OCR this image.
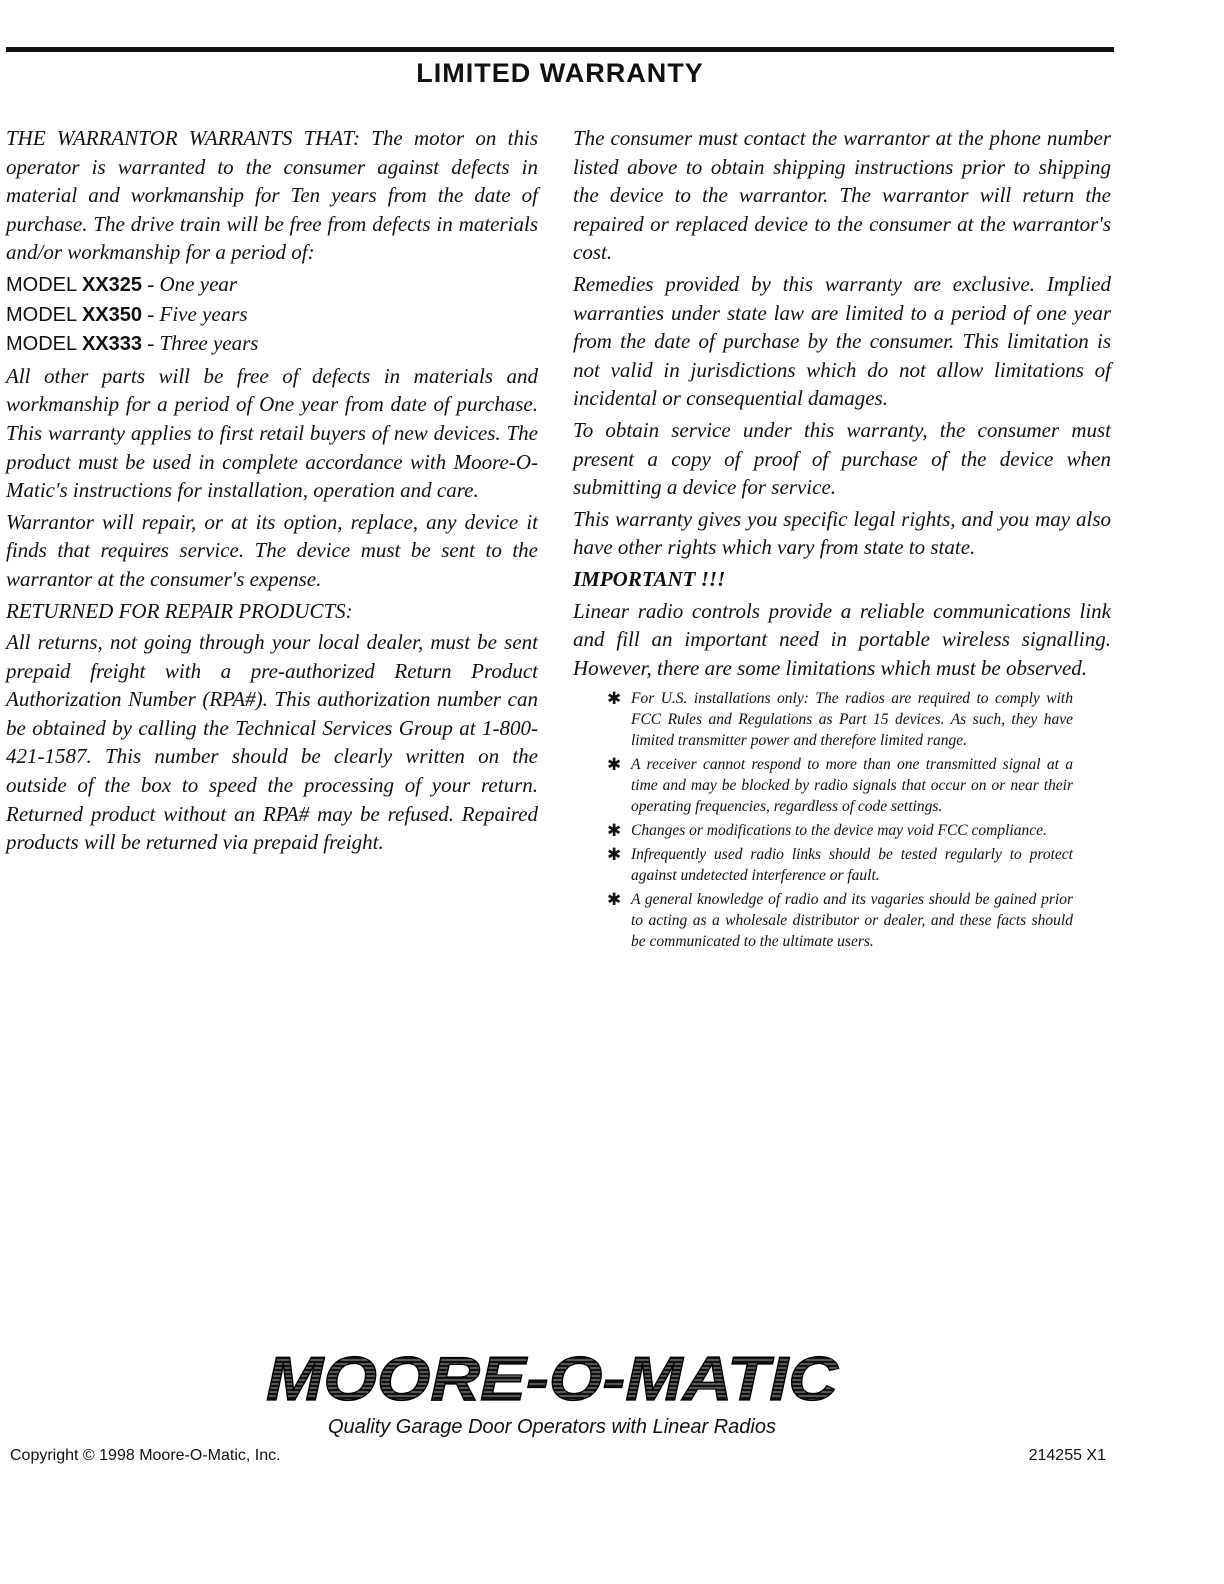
LIMITED WARRANTY

THE WARRANTOR WARRANTS THAT: The motor on this operator is warranted to the consumer against defects in material and workmanship for Ten years from the date of purchase. The drive train will be free from defects in materials and/or workmanship for a period of:

MODEL XX325 - One year
MODEL XX350 - Five years
MODEL XX333 - Three years

All other parts will be free of defects in materials and workmanship for a period of One year from date of purchase. This warranty applies to first retail buyers of new devices. The product must be used in complete accordance with Moore-O-Matic's instructions for installation, operation and care.

Warrantor will repair, or at its option, replace, any device it finds that requires service. The device must be sent to the warrantor at the consumer's expense.

RETURNED FOR REPAIR PRODUCTS:

All returns, not going through your local dealer, must be sent prepaid freight with a pre-authorized Return Product Authorization Number (RPA#). This authorization number can be obtained by calling the Technical Services Group at 1-800-421-1587. This number should be clearly written on the outside of the box to speed the processing of your return. Returned product without an RPA# may be refused. Repaired products will be returned via prepaid freight.

The consumer must contact the warrantor at the phone number listed above to obtain shipping instructions prior to shipping the device to the warrantor. The warrantor will return the repaired or replaced device to the consumer at the warrantor's cost.

Remedies provided by this warranty are exclusive. Implied warranties under state law are limited to a period of one year from the date of purchase by the consumer. This limitation is not valid in jurisdictions which do not allow limitations of incidental or consequential damages.

To obtain service under this warranty, the consumer must present a copy of proof of purchase of the device when submitting a device for service.

This warranty gives you specific legal rights, and you may also have other rights which vary from state to state.

IMPORTANT !!!

Linear radio controls provide a reliable communications link and fill an important need in portable wireless signalling. However, there are some limitations which must be observed.

✱ For U.S. installations only: The radios are required to comply with FCC Rules and Regulations as Part 15 devices. As such, they have limited transmitter power and therefore limited range.
✱ A receiver cannot respond to more than one transmitted signal at a time and may be blocked by radio signals that occur on or near their operating frequencies, regardless of code settings.
✱ Changes or modifications to the device may void FCC compliance.
✱ Infrequently used radio links should be tested regularly to protect against undetected interference or fault.
✱ A general knowledge of radio and its vagaries should be gained prior to acting as a wholesale distributor or dealer, and these facts should be communicated to the ultimate users.
MOORE-O-MATIC
Quality Garage Door Operators with Linear Radios
Copyright © 1998 Moore-O-Matic, Inc.	214255 X1
